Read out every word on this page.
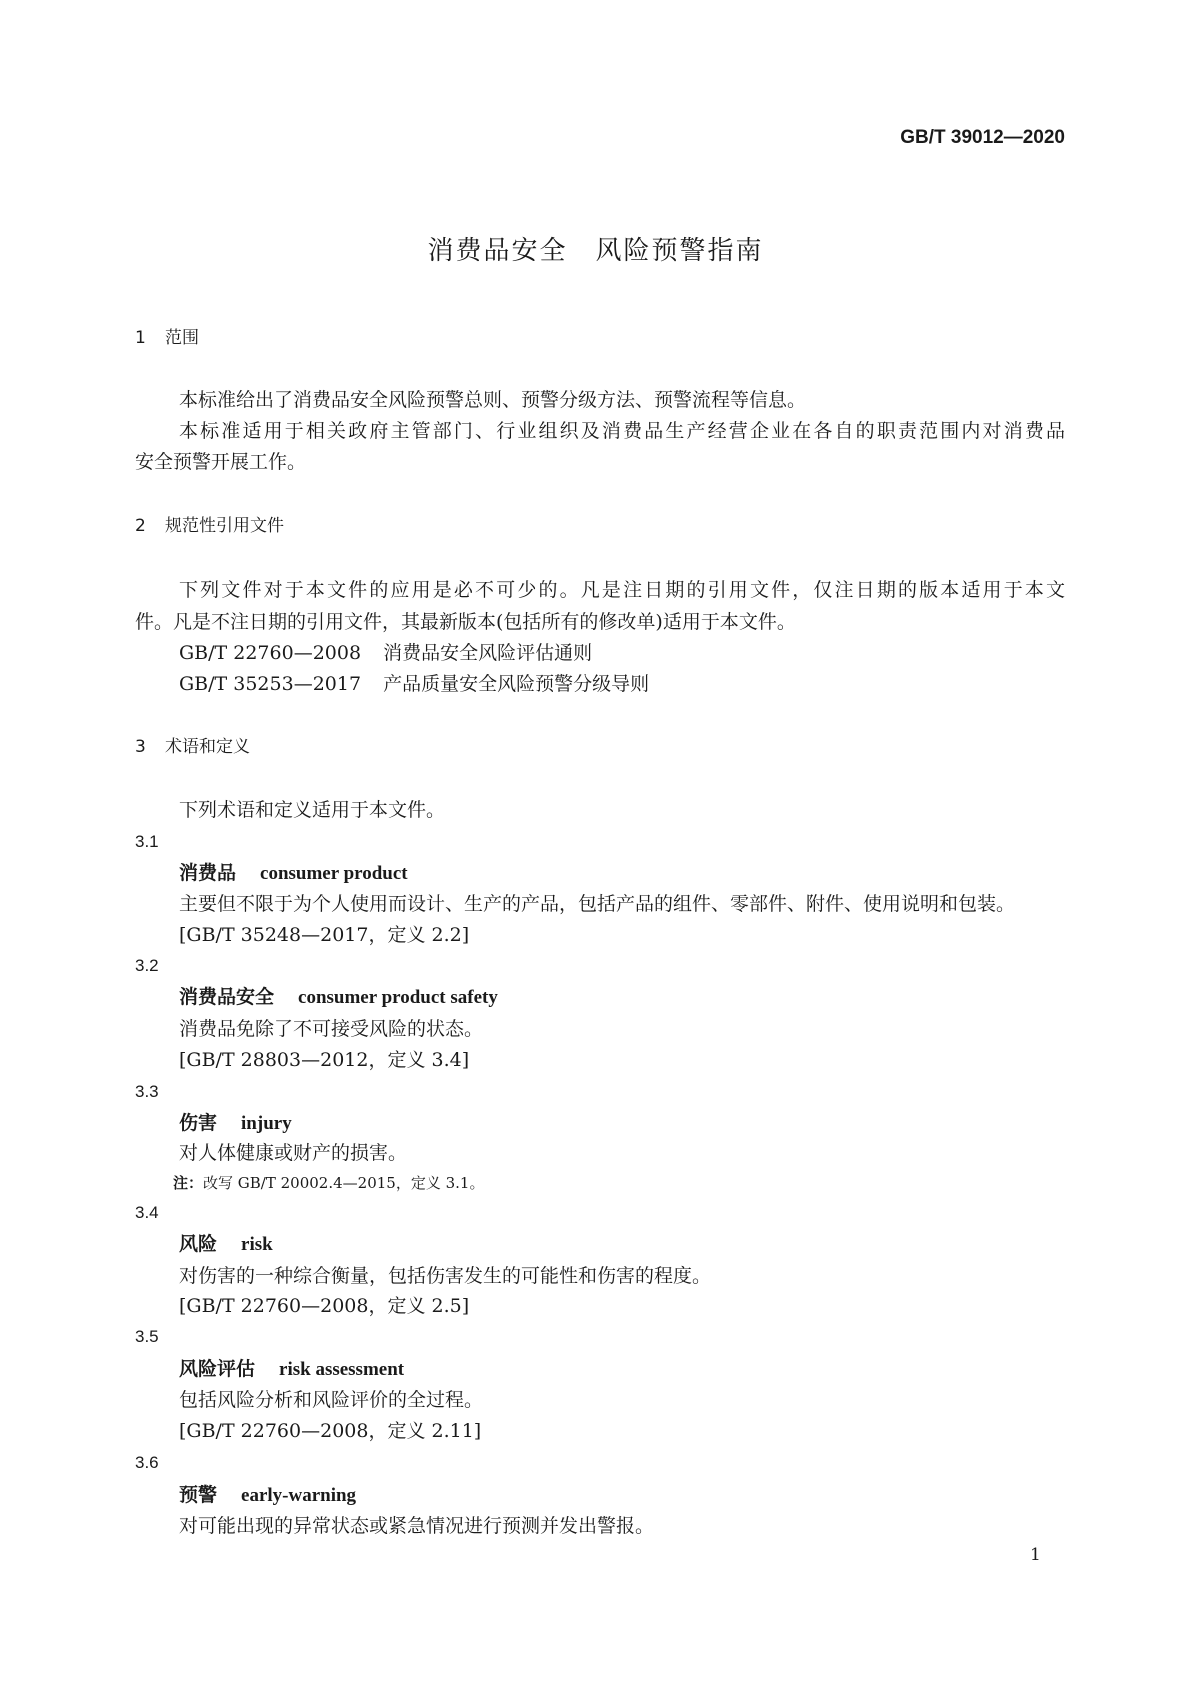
GB/T 39012—2020
消费品安全 风险预警指南
1 范围
本标准给出了消费品安全风险预警总则、预警分级方法、预警流程等信息。
本标准适用于相关政府主管部门、行业组织及消费品生产经营企业在各自的职责范围内对消费品
安全预警开展工作。
2 规范性引用文件
下列文件对于本文件的应用是必不可少的。凡是注日期的引用文件，仅注日期的版本适用于本文
件。凡是不注日期的引用文件，其最新版本(包括所有的修改单)适用于本文件。
GB/T 22760—2008 消费品安全风险评估通则
GB/T 35253—2017 产品质量安全风险预警分级导则
3 术语和定义
下列术语和定义适用于本文件。
3.1
消费品 consumer product
主要但不限于为个人使用而设计、生产的产品，包括产品的组件、零部件、附件、使用说明和包装。
[GB/T 35248—2017，定义 2.2]
3.2
消费品安全 consumer product safety
消费品免除了不可接受风险的状态。
[GB/T 28803—2012，定义 3.4]
3.3
伤害 injury
对人体健康或财产的损害。
注：改写 GB/T 20002.4—2015，定义 3.1。
3.4
风险 risk
对伤害的一种综合衡量，包括伤害发生的可能性和伤害的程度。
[GB/T 22760—2008，定义 2.5]
3.5
风险评估 risk assessment
包括风险分析和风险评价的全过程。
[GB/T 22760—2008，定义 2.11]
3.6
预警 early-warning
对可能出现的异常状态或紧急情况进行预测并发出警报。
1
